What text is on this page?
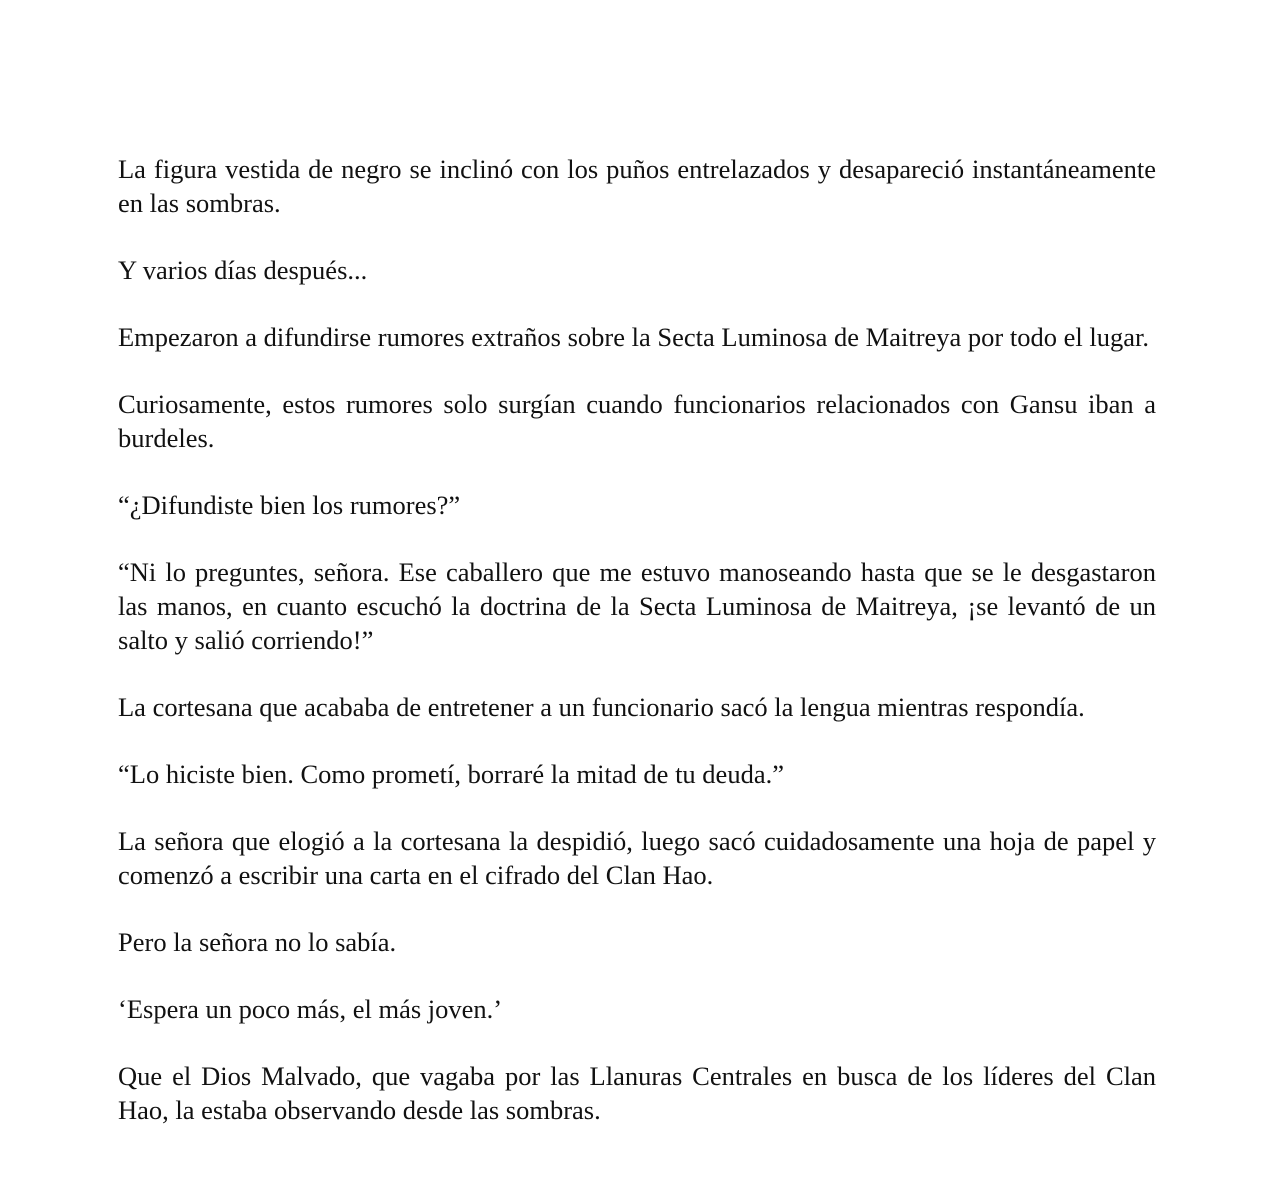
La figura vestida de negro se inclinó con los puños entrelazados y desapareció instantáneamente en las sombras.

Y varios días después...

Empezaron a difundirse rumores extraños sobre la Secta Luminosa de Maitreya por todo el lugar.

Curiosamente, estos rumores solo surgían cuando funcionarios relacionados con Gansu iban a burdeles.

“¿Difundiste bien los rumores?”

“Ni lo preguntes, señora. Ese caballero que me estuvo manoseando hasta que se le desgastaron las manos, en cuanto escuchó la doctrina de la Secta Luminosa de Maitreya, ¡se levantó de un salto y salió corriendo!”

La cortesana que acababa de entretener a un funcionario sacó la lengua mientras respondía.

“Lo hiciste bien. Como prometí, borraré la mitad de tu deuda.”

La señora que elogió a la cortesana la despidió, luego sacó cuidadosamente una hoja de papel y comenzó a escribir una carta en el cifrado del Clan Hao.

Pero la señora no lo sabía.

‘Espera un poco más, el más joven.’

Que el Dios Malvado, que vagaba por las Llanuras Centrales en busca de los líderes del Clan Hao, la estaba observando desde las sombras.
